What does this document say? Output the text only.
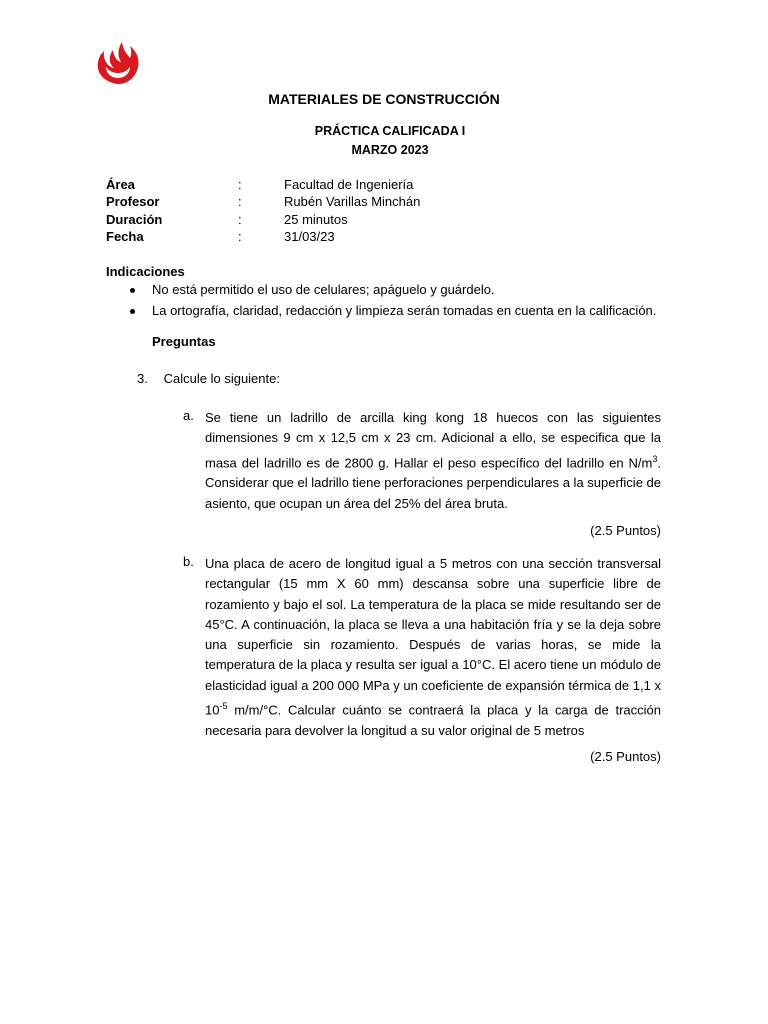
MATERIALES DE CONSTRUCCIÓN
PRÁCTICA CALIFICADA I
MARZO 2023
Área	:	Facultad de Ingeniería
Profesor	:	Rubén Varillas Minchán
Duración	:	25 minutos
Fecha	:	31/03/23
Indicaciones
No está permitido el uso de celulares; apáguelo y guárdelo.
La ortografía, claridad, redacción y limpieza serán tomadas en cuenta en la calificación.
Preguntas
3. Calcule lo siguiente:
a. Se tiene un ladrillo de arcilla king kong 18 huecos con las siguientes dimensiones 9 cm x 12,5 cm x 23 cm. Adicional a ello, se especifica que la masa del ladrillo es de 2800 g. Hallar el peso específico del ladrillo en $N/m^3$. Considerar que el ladrillo tiene perforaciones perpendiculares a la superficie de asiento, que ocupan un área del 25% del área bruta.
(2.5 Puntos)
b. Una placa de acero de longitud igual a 5 metros con una sección transversal rectangular (15 mm X 60 mm) descansa sobre una superficie libre de rozamiento y bajo el sol. La temperatura de la placa se mide resultando ser de 45°C. A continuación, la placa se lleva a una habitación fría y se la deja sobre una superficie sin rozamiento. Después de varias horas, se mide la temperatura de la placa y resulta ser igual a 10°C. El acero tiene un módulo de elasticidad igual a 200 000 MPa y un coeficiente de expansión térmica de 1,1 x $10^{-5}$ m/m/°C. Calcular cuánto se contraerá la placa y la carga de tracción necesaria para devolver la longitud a su valor original de 5 metros
(2.5 Puntos)
